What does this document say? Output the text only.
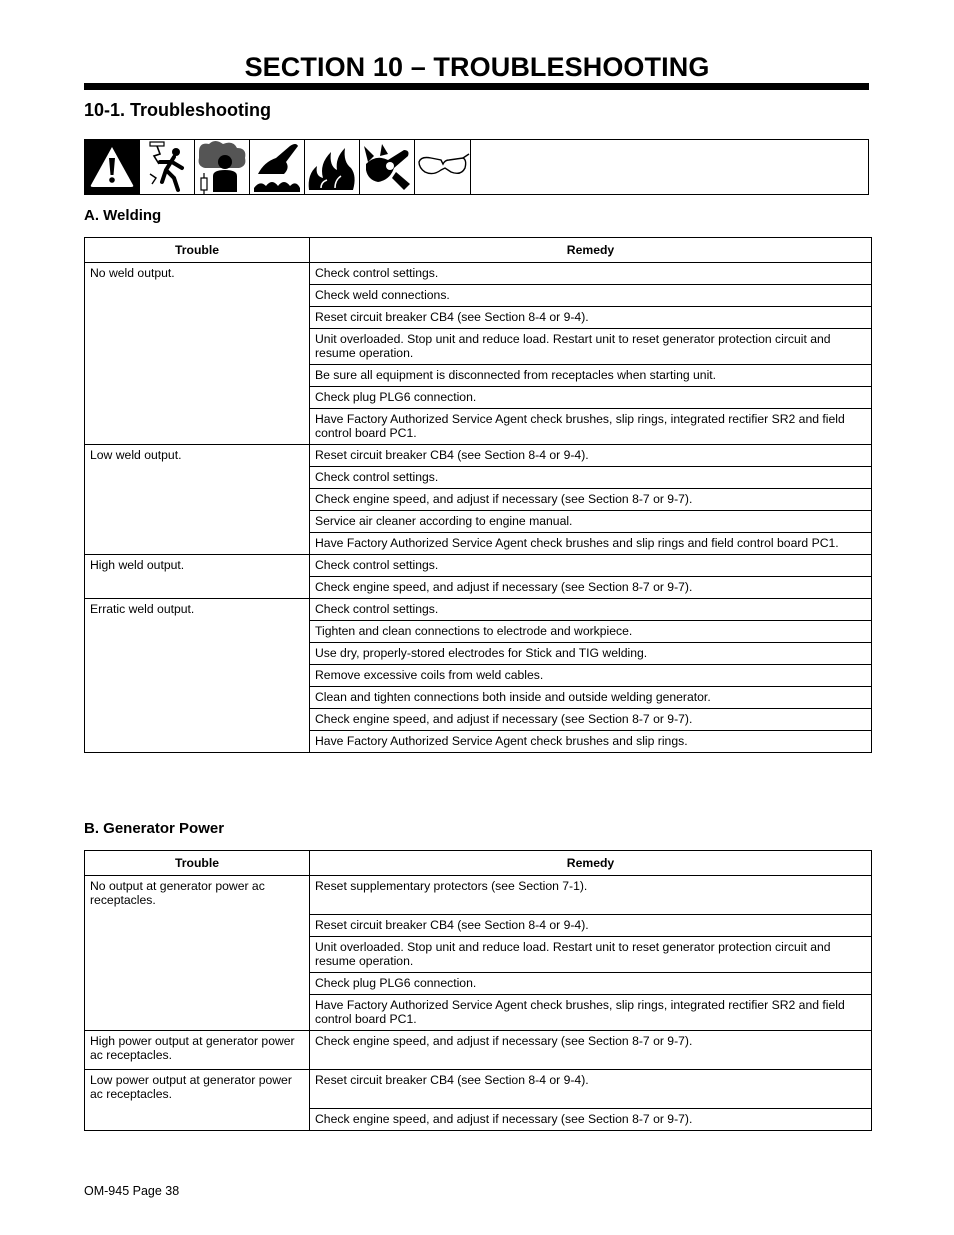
SECTION 10 – TROUBLESHOOTING
10-1. Troubleshooting
A. Welding
Trouble	Remedy
No weld output.	Check control settings.
	Check weld connections.
	Reset circuit breaker CB4 (see Section 8-4 or 9-4).
	Unit overloaded. Stop unit and reduce load. Restart unit to reset generator protection circuit and resume operation.
	Be sure all equipment is disconnected from receptacles when starting unit.
	Check plug PLG6 connection.
	Have Factory Authorized Service Agent check brushes, slip rings, integrated rectifier SR2 and field control board PC1.
Low weld output.	Reset circuit breaker CB4 (see Section 8-4 or 9-4).
	Check control settings.
	Check engine speed, and adjust if necessary (see Section 8-7 or 9-7).
	Service air cleaner according to engine manual.
	Have Factory Authorized Service Agent check brushes and slip rings and field control board PC1.
High weld output.	Check control settings.
	Check engine speed, and adjust if necessary (see Section 8-7 or 9-7).
Erratic weld output.	Check control settings.
	Tighten and clean connections to electrode and workpiece.
	Use dry, properly-stored electrodes for Stick and TIG welding.
	Remove excessive coils from weld cables.
	Clean and tighten connections both inside and outside welding generator.
	Check engine speed, and adjust if necessary (see Section 8-7 or 9-7).
	Have Factory Authorized Service Agent check brushes and slip rings.
B. Generator Power
Trouble	Remedy
No output at generator power ac receptacles.	Reset supplementary protectors (see Section 7-1).
	Reset circuit breaker CB4 (see Section 8-4 or 9-4).
	Unit overloaded. Stop unit and reduce load. Restart unit to reset generator protection circuit and resume operation.
	Check plug PLG6 connection.
	Have Factory Authorized Service Agent check brushes, slip rings, integrated rectifier SR2 and field control board PC1.
High power output at generator power ac receptacles.	Check engine speed, and adjust if necessary (see Section 8-7 or 9-7).
Low power output at generator power ac receptacles.	Reset circuit breaker CB4 (see Section 8-4 or 9-4).
	Check engine speed, and adjust if necessary (see Section 8-7 or 9-7).
OM-945 Page 38
